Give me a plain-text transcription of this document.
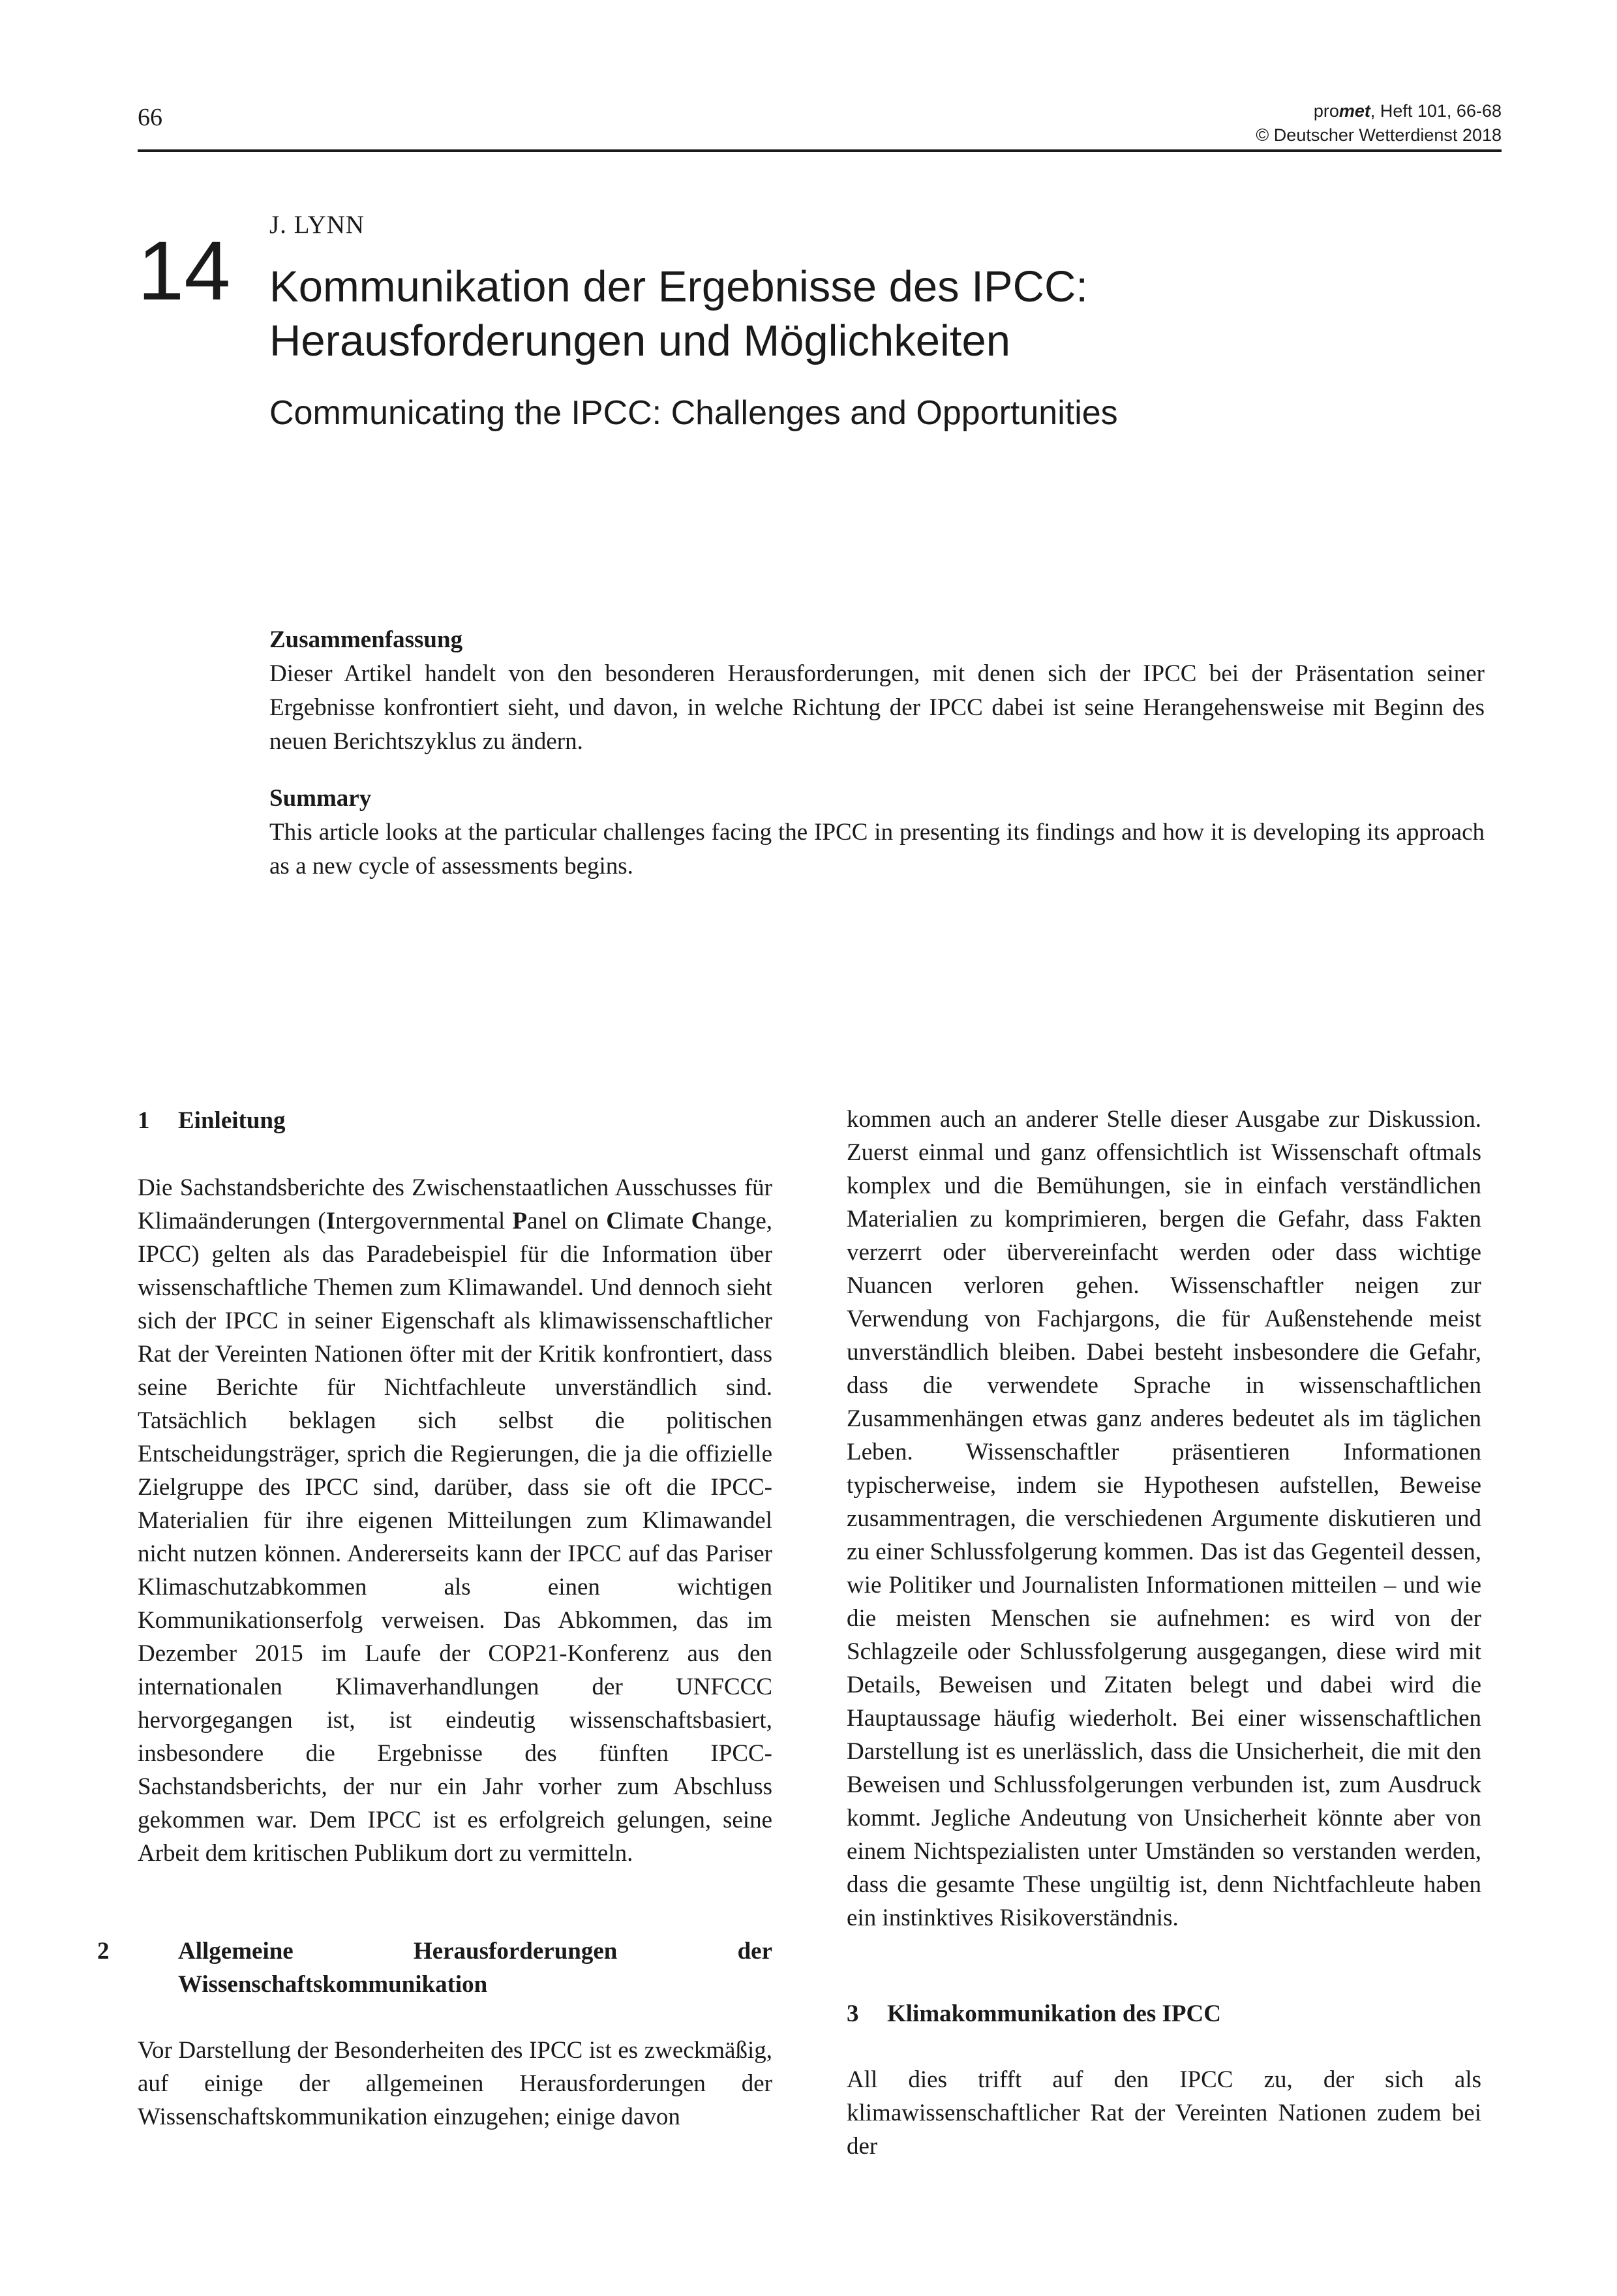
66	promet, Heft 101, 66-68
© Deutscher Wetterdienst 2018
14 J. LYNN
Kommunikation der Ergebnisse des IPCC:
Herausforderungen und Möglichkeiten
Communicating the IPCC: Challenges and Opportunities
Zusammenfassung

Dieser Artikel handelt von den besonderen Herausforderungen, mit denen sich der IPCC bei der Präsentation seiner Ergebnisse konfrontiert sieht, und davon, in welche Richtung der IPCC dabei ist seine Herangehensweise mit Beginn des neuen Berichtszyklus zu ändern.

Summary

This article looks at the particular challenges facing the IPCC in presenting its findings and how it is developing its approach as a new cycle of assessments begins.

1 Einleitung

Die Sachstandsberichte des Zwischenstaatlichen Ausschusses für Klimaänderungen (Intergovernmental Panel on Climate Change, IPCC) gelten als das Paradebeispiel für die Information über wissenschaftliche Themen zum Klimawandel. Und dennoch sieht sich der IPCC in seiner Eigenschaft als klimawissenschaftlicher Rat der Vereinten Nationen öfter mit der Kritik konfrontiert, dass seine Berichte für Nichtfachleute unverständlich sind. Tatsächlich beklagen sich selbst die politischen Entscheidungsträger, sprich die Regierungen, die ja die offizielle Zielgruppe des IPCC sind, darüber, dass sie oft die IPCC-Materialien für ihre eigenen Mitteilungen zum Klimawandel nicht nutzen können. Andererseits kann der IPCC auf das Pariser Klimaschutzabkommen als einen wichtigen Kommunikationserfolg verweisen. Das Abkommen, das im Dezember 2015 im Laufe der COP21-Konferenz aus den internationalen Klimaverhandlungen der UNFCCC hervorgegangen ist, ist eindeutig wissenschaftsbasiert, insbesondere die Ergebnisse des fünften IPCC-Sachstandsberichts, der nur ein Jahr vorher zum Abschluss gekommen war. Dem IPCC ist es erfolgreich gelungen, seine Arbeit dem kritischen Publikum dort zu vermitteln.

2	Allgemeine Herausforderungen der Wissenschaftskommunikation

Vor Darstellung der Besonderheiten des IPCC ist es zweckmäßig, auf einige der allgemeinen Herausforderungen der Wissenschaftskommunikation einzugehen; einige davon

kommen auch an anderer Stelle dieser Ausgabe zur Diskussion. Zuerst einmal und ganz offensichtlich ist Wissenschaft oftmals komplex und die Bemühungen, sie in einfach verständlichen Materialien zu komprimieren, bergen die Gefahr, dass Fakten verzerrt oder übervereinfacht werden oder dass wichtige Nuancen verloren gehen. Wissenschaftler neigen zur Verwendung von Fachjargons, die für Außenstehende meist unverständlich bleiben. Dabei besteht insbesondere die Gefahr, dass die verwendete Sprache in wissenschaftlichen Zusammenhängen etwas ganz anderes bedeutet als im täglichen Leben. Wissenschaftler präsentieren Informationen typischerweise, indem sie Hypothesen aufstellen, Beweise zusammentragen, die verschiedenen Argumente diskutieren und zu einer Schlussfolgerung kommen. Das ist das Gegenteil dessen, wie Politiker und Journalisten Informationen mitteilen – und wie die meisten Menschen sie aufnehmen: es wird von der Schlagzeile oder Schlussfolgerung ausgegangen, diese wird mit Details, Beweisen und Zitaten belegt und dabei wird die Hauptaussage häufig wiederholt. Bei einer wissenschaftlichen Darstellung ist es unerlässlich, dass die Unsicherheit, die mit den Beweisen und Schlussfolgerungen verbunden ist, zum Ausdruck kommt. Jegliche Andeutung von Unsicherheit könnte aber von einem Nichtspezialisten unter Umständen so verstanden werden, dass die gesamte These ungültig ist, denn Nichtfachleute haben ein instinktives Risikoverständnis.

3 Klimakommunikation des IPCC

All dies trifft auf den IPCC zu, der sich als klimawissenschaftlicher Rat der Vereinten Nationen zudem bei der
